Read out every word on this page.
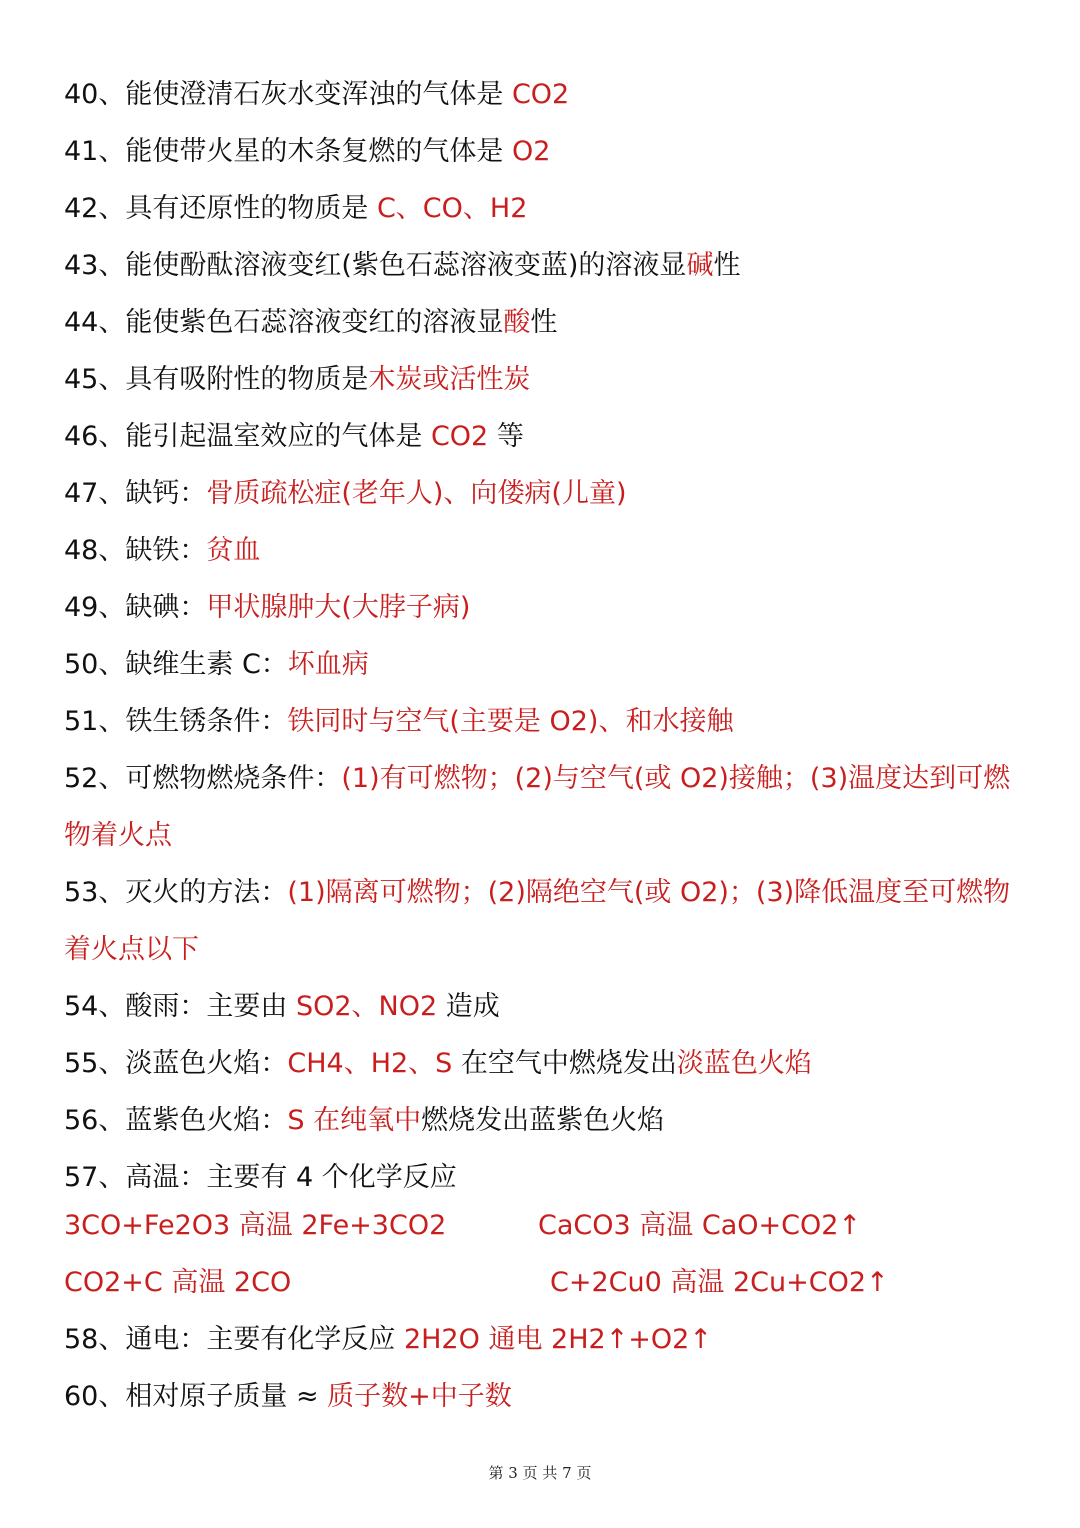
40、能使澄清石灰水变浑浊的气体是 CO2
41、能使带火星的木条复燃的气体是 O2
42、具有还原性的物质是 C、CO、H2
43、能使酚酞溶液变红(紫色石蕊溶液变蓝)的溶液显碱性
44、能使紫色石蕊溶液变红的溶液显酸性
45、具有吸附性的物质是木炭或活性炭
46、能引起温室效应的气体是 CO2 等
47、缺钙：骨质疏松症(老年人)、向偻病(儿童)
48、缺铁：贫血
49、缺碘：甲状腺肿大(大脖子病)
50、缺维生素 C：坏血病
51、铁生锈条件：铁同时与空气(主要是 O2)、和水接触
52、可燃物燃烧条件：(1)有可燃物；(2)与空气(或 O2)接触；(3)温度达到可燃
物着火点
53、灭火的方法：(1)隔离可燃物；(2)隔绝空气(或 O2)；(3)降低温度至可燃物
着火点以下
54、酸雨：主要由 SO2、NO2 造成
55、淡蓝色火焰：CH4、H2、S 在空气中燃烧发出淡蓝色火焰
56、蓝紫色火焰：S 在纯氧中燃烧发出蓝紫色火焰
57、高温：主要有 4 个化学反应
3CO+Fe2O3 高温 2Fe+3CO2	CaCO3 高温 CaO+CO2↑
CO2+C 高温 2CO	C+2Cu0 高温 2Cu+CO2↑
58、通电：主要有化学反应 2H2O 通电 2H2↑+O2↑
60、相对原子质量 ≈ 质子数+中子数
第 3 页 共 7 页
